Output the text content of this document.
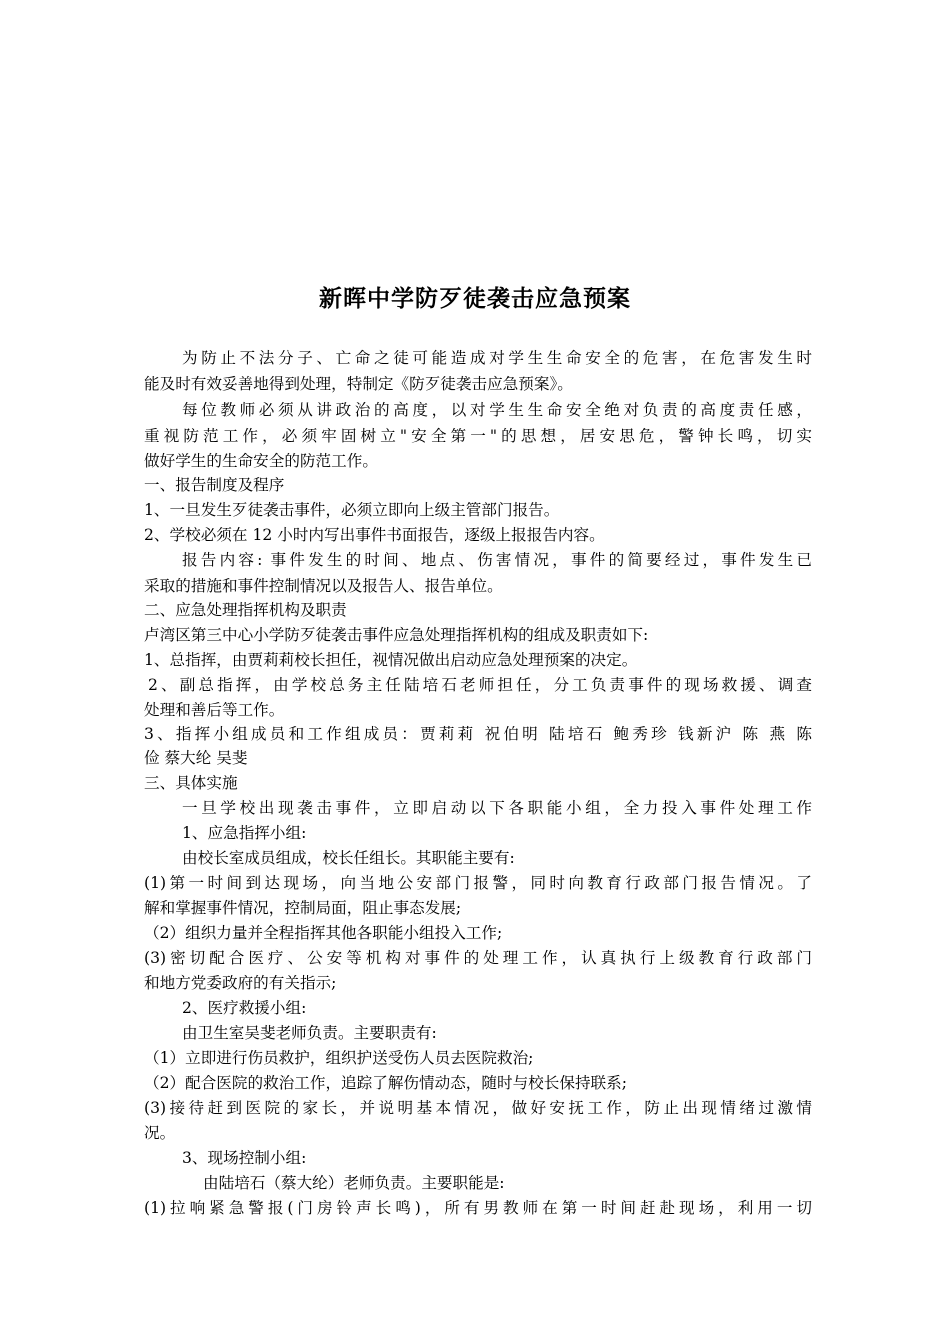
新晖中学防歹徒袭击应急预案
为防止不法分子、亡命之徒可能造成对学生生命安全的危害，在危害发生时
能及时有效妥善地得到处理，特制定《防歹徒袭击应急预案》。
每位教师必须从讲政治的高度，以对学生生命安全绝对负责的高度责任感，
重视防范工作，必须牢固树立"安全第一"的思想，居安思危，警钟长鸣，切实
做好学生的生命安全的防范工作。
一、报告制度及程序
1、一旦发生歹徒袭击事件，必须立即向上级主管部门报告。
2、学校必须在 12 小时内写出事件书面报告，逐级上报报告内容。
报告内容: 事件发生的时间、地点、伤害情况，事件的简要经过，事件发生已
采取的措施和事件控制情况以及报告人、报告单位。
二、应急处理指挥机构及职责
卢湾区第三中心小学防歹徒袭击事件应急处理指挥机构的组成及职责如下:
1、总指挥，由贾莉莉校长担任，视情况做出启动应急处理预案的决定。
2、副总指挥，由学校总务主任陆培石老师担任，分工负责事件的现场救援、调查
处理和善后等工作。
3、指挥小组成员和工作组成员：贾莉莉 祝伯明 陆培石 鲍秀珍 钱新沪 陈 燕 陈
俭 蔡大纶 吴斐
三、具体实施
一旦学校出现袭击事件，立即启动以下各职能小组，全力投入事件处理工作
1、应急指挥小组:
由校长室成员组成，校长任组长。其职能主要有:
(1)第一时间到达现场，向当地公安部门报警，同时向教育行政部门报告情况。了
解和掌握事件情况，控制局面，阻止事态发展;
（2）组织力量并全程指挥其他各职能小组投入工作;
(3)密切配合医疗、公安等机构对事件的处理工作，认真执行上级教育行政部门
和地方党委政府的有关指示;
2、医疗救援小组:
由卫生室吴斐老师负责。主要职责有:
（1）立即进行伤员救护，组织护送受伤人员去医院救治;
（2）配合医院的救治工作，追踪了解伤情动态，随时与校长保持联系;
(3)接待赶到医院的家长，并说明基本情况，做好安抚工作，防止出现情绪过激情
况。
3、现场控制小组:
由陆培石（蔡大纶）老师负责。主要职能是:
(1)拉响紧急警报(门房铃声长鸣)，所有男教师在第一时间赶赴现场，利用一切
